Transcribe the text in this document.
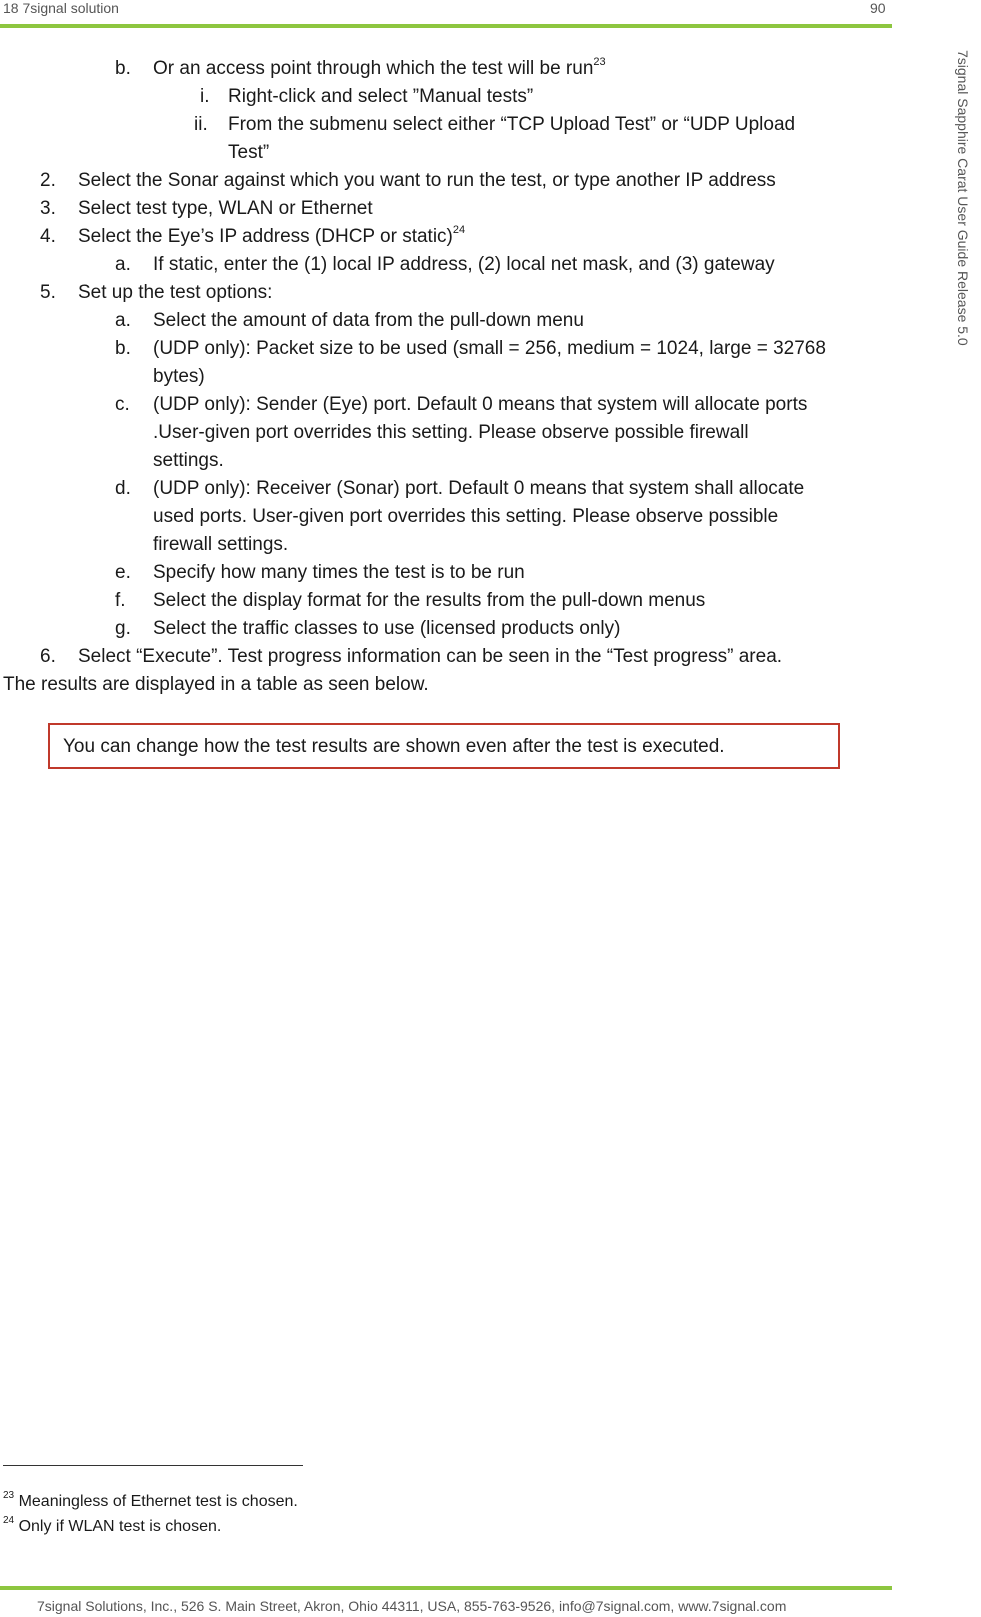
18 7signal solution	90
7signal Sapphire Carat User Guide Release 5.0
b. Or an access point through which the test will be run$^{23}$
i. Right-click and select ”Manual tests”
ii. From the submenu select either “TCP Upload Test” or “UDP Upload
Test”
2. Select the Sonar against which you want to run the test, or type another IP address
3. Select test type, WLAN or Ethernet
4. Select the Eye’s IP address (DHCP or static)$^{24}$
a. If static, enter the (1) local IP address, (2) local net mask, and (3) gateway
5. Set up the test options:
a. Select the amount of data from the pull-down menu
b. (UDP only): Packet size to be used (small = 256, medium = 1024, large = 32768
bytes)
c. (UDP only): Sender (Eye) port. Default 0 means that system will allocate ports
.User-given port overrides this setting. Please observe possible firewall
settings.
d. (UDP only): Receiver (Sonar) port. Default 0 means that system shall allocate
used ports. User-given port overrides this setting. Please observe possible
firewall settings.
e. Specify how many times the test is to be run
f. Select the display format for the results from the pull-down menus
g. Select the traffic classes to use (licensed products only)
6. Select “Execute”. Test progress information can be seen in the “Test progress” area.
The results are displayed in a table as seen below.
You can change how the test results are shown even after the test is executed.
$^{23}$ Meaningless of Ethernet test is chosen.
$^{24}$ Only if WLAN test is chosen.
7signal Solutions, Inc., 526 S. Main Street, Akron, Ohio 44311, USA, 855-763-9526, info@7signal.com, www.7signal.com
